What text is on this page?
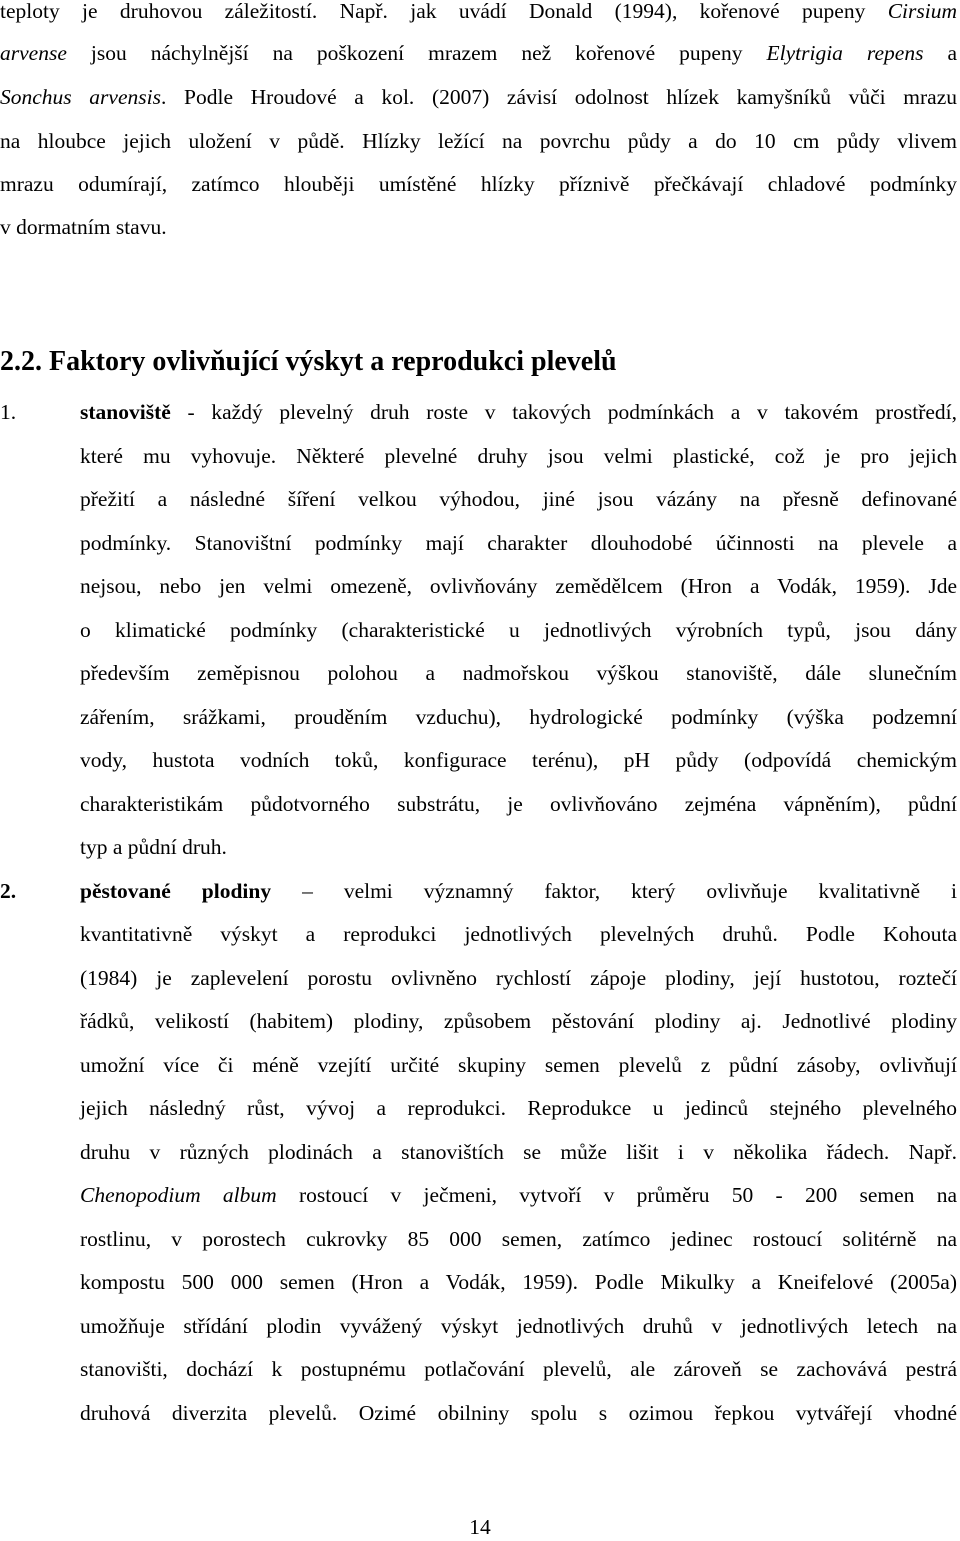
teploty je druhovou záležitostí. Např. jak uvádí Donald (1994), kořenové pupeny Cirsium
arvense jsou náchylnější na poškození mrazem než kořenové pupeny Elytrigia repens a
Sonchus arvensis. Podle Hroudové a kol. (2007) závisí odolnost hlízek kamyšníků vůči mrazu
na hloubce jejich uložení v půdě. Hlízky ležící na povrchu půdy a do 10 cm půdy vlivem
mrazu odumírají, zatímco hlouběji umístěné hlízky příznivě přečkávají chladové podmínky
v dormatním stavu.
2.2. Faktory ovlivňující výskyt a reprodukci plevelů
1.	stanoviště - každý plevelný druh roste v takových podmínkách a v takovém prostředí,
které mu vyhovuje. Některé plevelné druhy jsou velmi plastické, což je pro jejich
přežití a následné šíření velkou výhodou, jiné jsou vázány na přesně definované
podmínky. Stanovištní podmínky mají charakter dlouhodobé účinnosti na plevele a
nejsou, nebo jen velmi omezeně, ovlivňovány zemědělcem (Hron a Vodák, 1959). Jde
o klimatické podmínky (charakteristické u jednotlivých výrobních typů, jsou dány
především zeměpisnou polohou a nadmořskou výškou stanoviště, dále slunečním
zářením, srážkami, prouděním vzduchu), hydrologické podmínky (výška podzemní
vody, hustota vodních toků, konfigurace terénu), pH půdy (odpovídá chemickým
charakteristikám půdotvorného substrátu, je ovlivňováno zejména vápněním), půdní
typ a půdní druh.
2.	pěstované plodiny – velmi významný faktor, který ovlivňuje kvalitativně i
kvantitativně výskyt a reprodukci jednotlivých plevelných druhů. Podle Kohouta
(1984) je zaplevelení porostu ovlivněno rychlostí zápoje plodiny, její hustotou, roztečí
řádků, velikostí (habitem) plodiny, způsobem pěstování plodiny aj. Jednotlivé plodiny
umožní více či méně vzejítí určité skupiny semen plevelů z půdní zásoby, ovlivňují
jejich následný růst, vývoj a reprodukci. Reprodukce u jedinců stejného plevelného
druhu v různých plodinách a stanovištích se může lišit i v několika řádech. Např.
Chenopodium album rostoucí v ječmeni, vytvoří v průměru 50 - 200 semen na
rostlinu, v porostech cukrovky 85 000 semen, zatímco jedinec rostoucí solitérně na
kompostu 500 000 semen (Hron a Vodák, 1959). Podle Mikulky a Kneifelové (2005a)
umožňuje střídání plodin vyvážený výskyt jednotlivých druhů v jednotlivých letech na
stanovišti, dochází k postupnému potlačování plevelů, ale zároveň se zachovává pestrá
druhová diverzita plevelů. Ozimé obilniny spolu s ozimou řepkou vytvářejí vhodné
14
